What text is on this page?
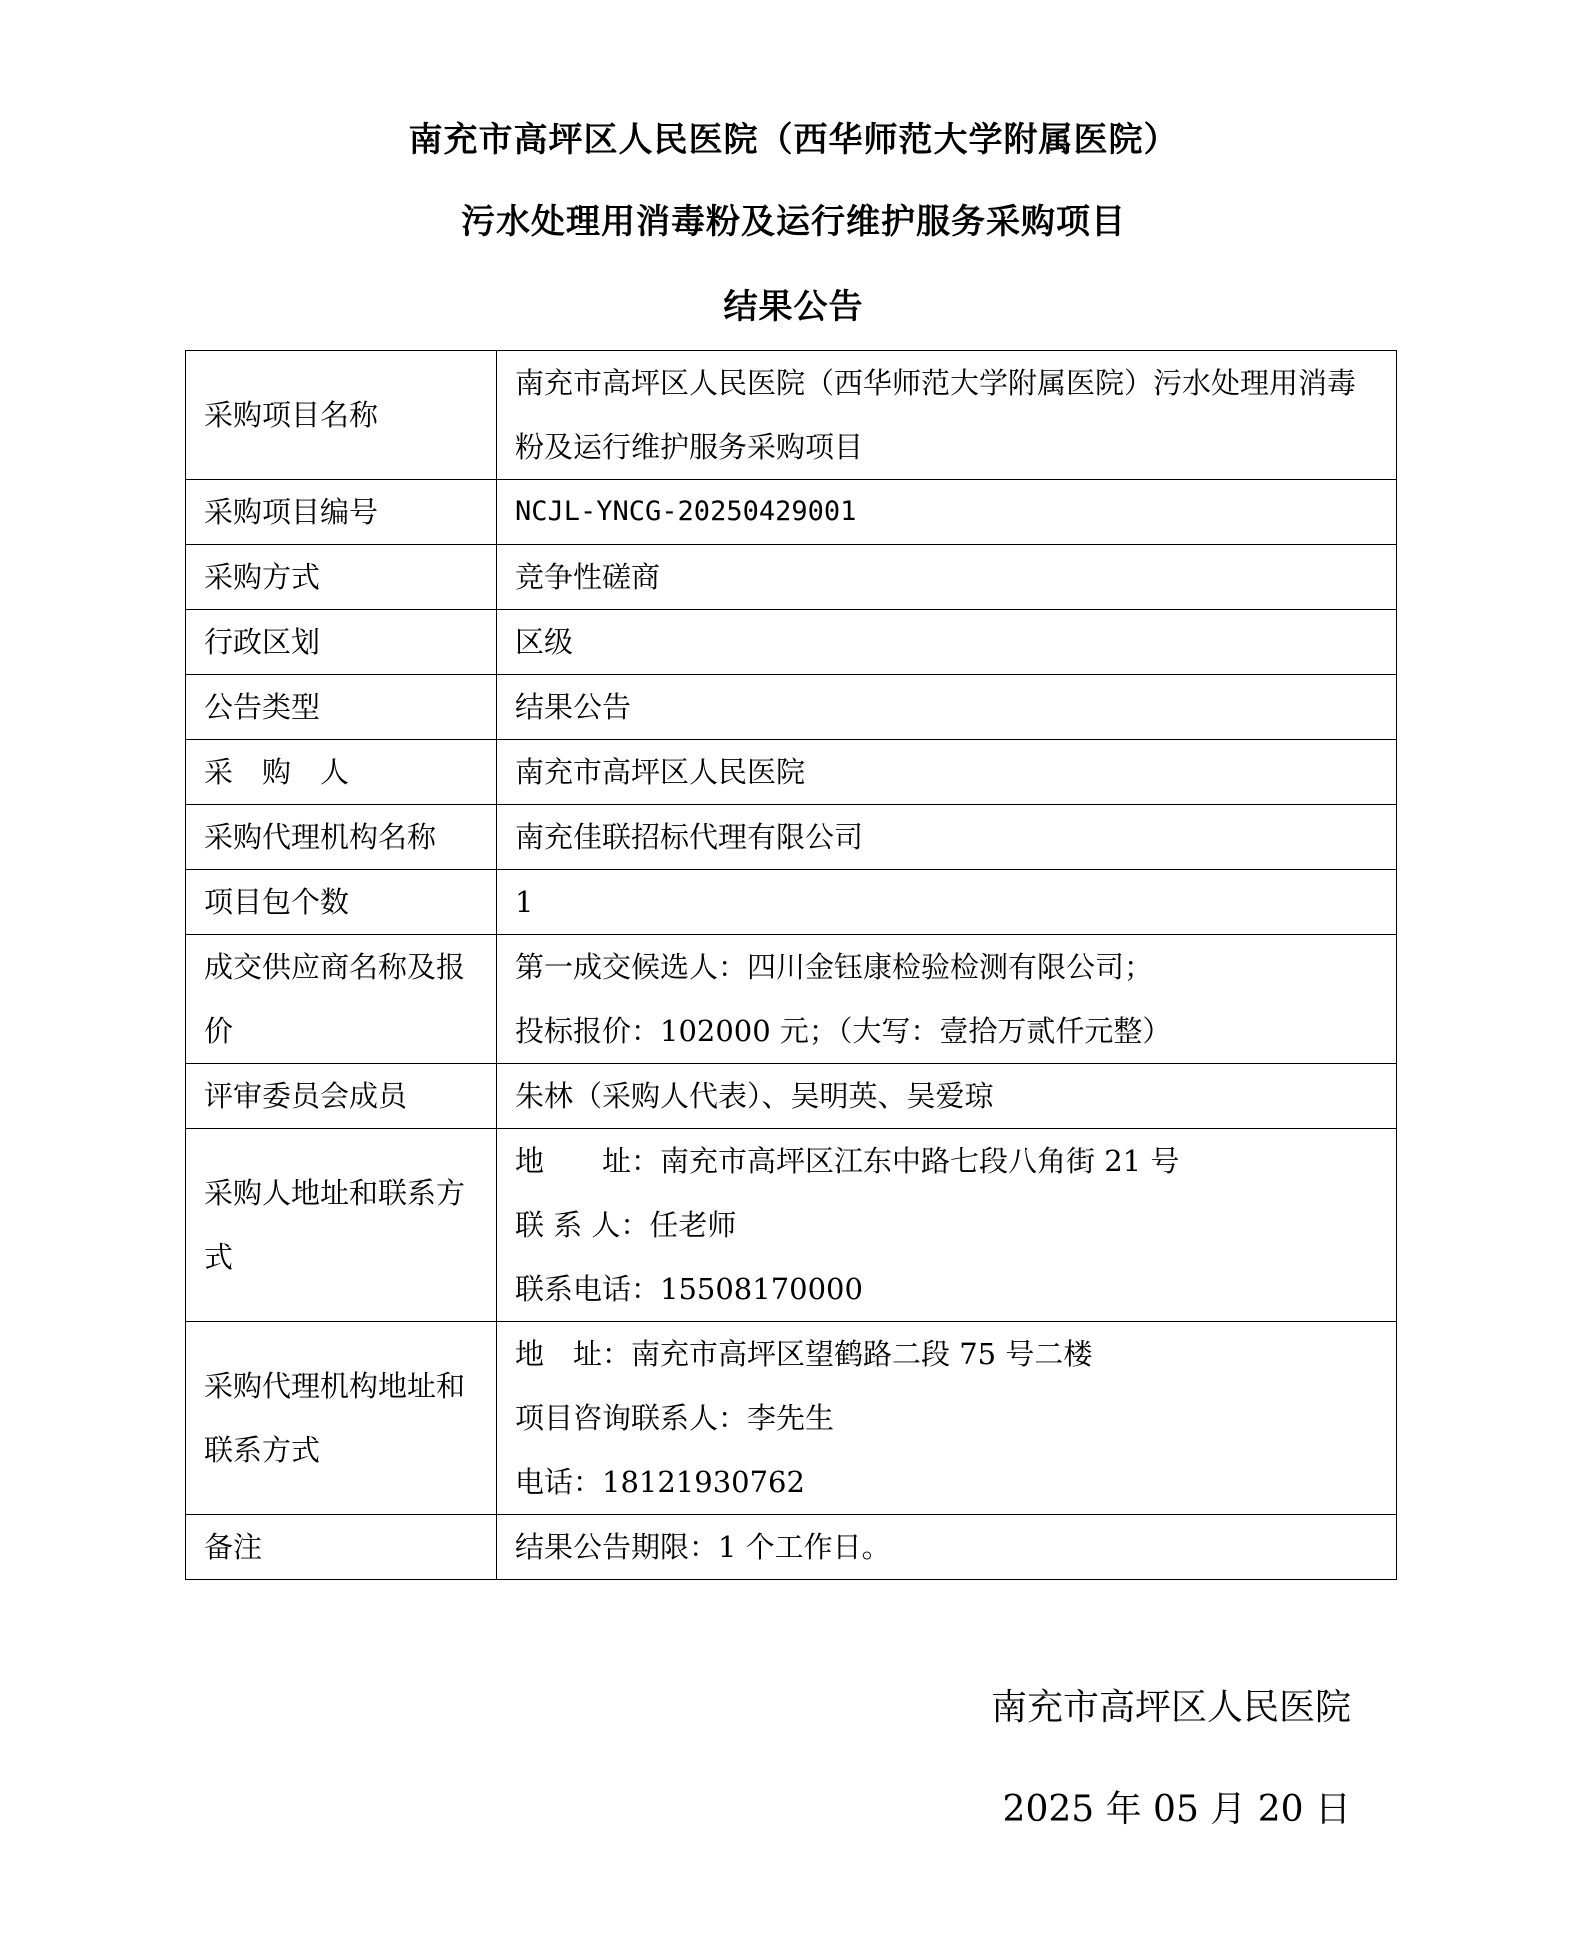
南充市高坪区人民医院（西华师范大学附属医院）
污水处理用消毒粉及运行维护服务采购项目
结果公告
采购项目名称	南充市高坪区人民医院（西华师范大学附属医院）污水处理用消毒粉及运行维护服务采购项目

采购项目编号	NCJL-YNCG-20250429001
采购方式	竞争性磋商
行政区划	区级
公告类型	结果公告
采　购　人	南充市高坪区人民医院
采购代理机构名称	南充佳联招标代理有限公司
项目包个数	1

成交供应商名称及报价	第一成交候选人：四川金钰康检验检测有限公司；
投标报价：102000 元；（大写：壹拾万贰仟元整）

评审委员会成员	朱林（采购人代表）、吴明英、吴爱琼

采购人地址和联系方式	地　　址：南充市高坪区江东中路七段八角街 21 号
联 系 人：任老师
联系电话：15508170000

采购代理机构地址和联系方式	地　址：南充市高坪区望鹤路二段 75 号二楼
项目咨询联系人：李先生
电话：18121930762

备注	结果公告期限：1 个工作日。
南充市高坪区人民医院
2025 年 05 月 20 日
